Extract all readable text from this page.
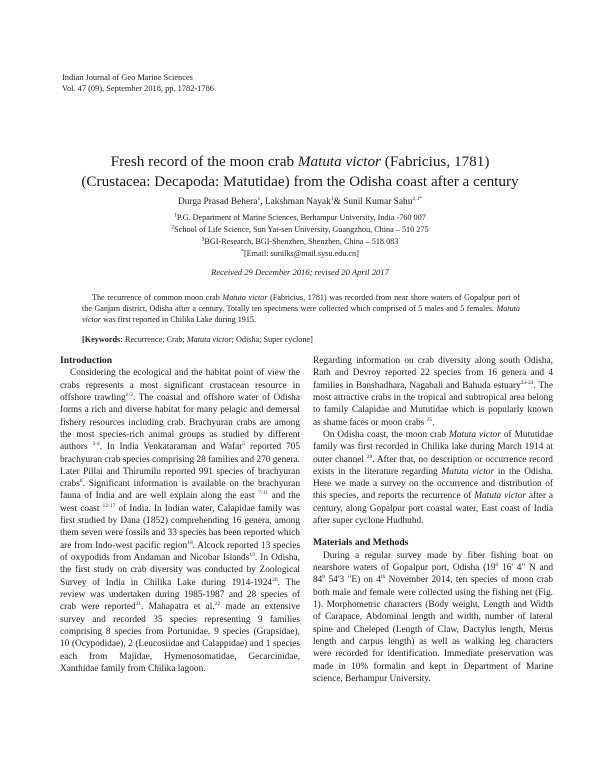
Indian Journal of Geo Marine Sciences
Vol. 47 (09), September 2018, pp. 1782-1786
Fresh record of the moon crab Matuta victor (Fabricius, 1781)
(Crustacea: Decapoda: Matutidae) from the Odisha coast after a century
Durga Prasad Behera$^1$, Lakshman Nayak$^1$& Sunil Kumar Sahu$^{2,3*}$
$^1$P.G. Department of Marine Sciences, Berhampur University, India -760 007
$^2$School of Life Science, Sun Yat-sen University, Guangzhou, China – 510 275
$^3$BGI-Research, BGI-Shenzhen, Shenzhen, China – 518 083
*[Email: sunilks@mail.sysu.edu.cn]
Received 29 December 2016; revised 20 April 2017
The recurrence of common moon crab Matuta victor (Fabricius, 1781) was recorded from near shore waters of Gopalpur port of the Ganjam district, Odisha after a century. Totally ten specimens were collected which comprised of 5 males and 5 females. Matuta victor was first reported in Chilika Lake during 1915.
[Keywords: Recurrence; Crab; Matuta victor; Odisha; Super cyclone]
Introduction

Considering the ecological and the habitat point of view the crabs represents a most significant crustacean resource in offshore trawling$^{1-2}$. The coastal and offshore water of Odisha forms a rich and diverse habitat for many pelagic and demersal fishery resources including crab. Brachyuran crabs are among the most species-rich animal groups as studied by different authors $^{3-4}$. In India Venkataraman and Wafar$^5$ reported 705 brachyuran crab species comprising 28 families and 270 genera. Later Pillai and Thirumilu reported 991 species of brachyuran crabs$^6$. Significant information is available on the brachyuran fauna of India and are well explain along the east $^{7-11}$ and the west coast $^{12-17}$ of India. In Indian water, Calapidae family was first studied by Dana (1852) comprehending 16 genera, among them seven were fossils and 33 species has been reported which are from Indo-west pacific region$^{18}$. Alcock reported 13 species of oxypodids from Andaman and Nicobar Islands$^{19}$. In Odisha, the first study on crab diversity was conducted by Zoological Survey of India in Chilika Lake during 1914-1924$^{20}$. The review was undertaken during 1985-1987 and 28 species of crab were reported$^{21}$. Mahapatra et al.$^{22}$ made an extensive survey and recorded 35 species representing 9 families comprising 8 species from Portunidae, 9 species (Grapsidae), 10 (Ocypodidae), 2 (Leucosiidae and Calappidae) and 1 species each from Majidae, Hymenosomatidae, Gecarcinidae, Xanthidae family from Chilika lagoon.

Regarding information on crab diversity along south Odisha, Rath and Devroy reported 22 species from 16 genera and 4 families in Banshadhara, Nagabali and Bahuda estuary$^{23-24}$. The most attractive crabs in the tropical and subtropical area belong to family Calapidae and Mututidae which is popularly known as shame faces or moon crabs $^{25}$.

On Odisha coast, the moon crab Matuta victor of Mututidae family was first recorded in Chilika lake during March 1914 at outer channel $^{20}$. After that, no description or occurrence record exists in the literature regarding Matuta victor in the Odisha. Here we made a survey on the occurrence and distribution of this species, and reports the recurrence of Matuta victor after a century, along Gopalpur port coastal water, East coast of India after super cyclone Hudhuhd.

Materials and Methods

During a regular survey made by fiber fishing boat on nearshore waters of Gopalpur port, Odisha ($19^0$ 16' 4" N and $84^0$ 54'3 "E) on 4th November 2014, ten species of moon crab both male and female were collected using the fishing net (Fig. 1). Morphometric characters (Body weight, Length and Width of Carapace, Abdominal length and width, number of lateral spine and Cheleped (Length of Claw, Dactylus length, Merus length and carpus length) as well as walking leg characters were recorded for identification. Immediate preservation was made in 10% formalin and kept in Department of Marine science, Berhampur University.
